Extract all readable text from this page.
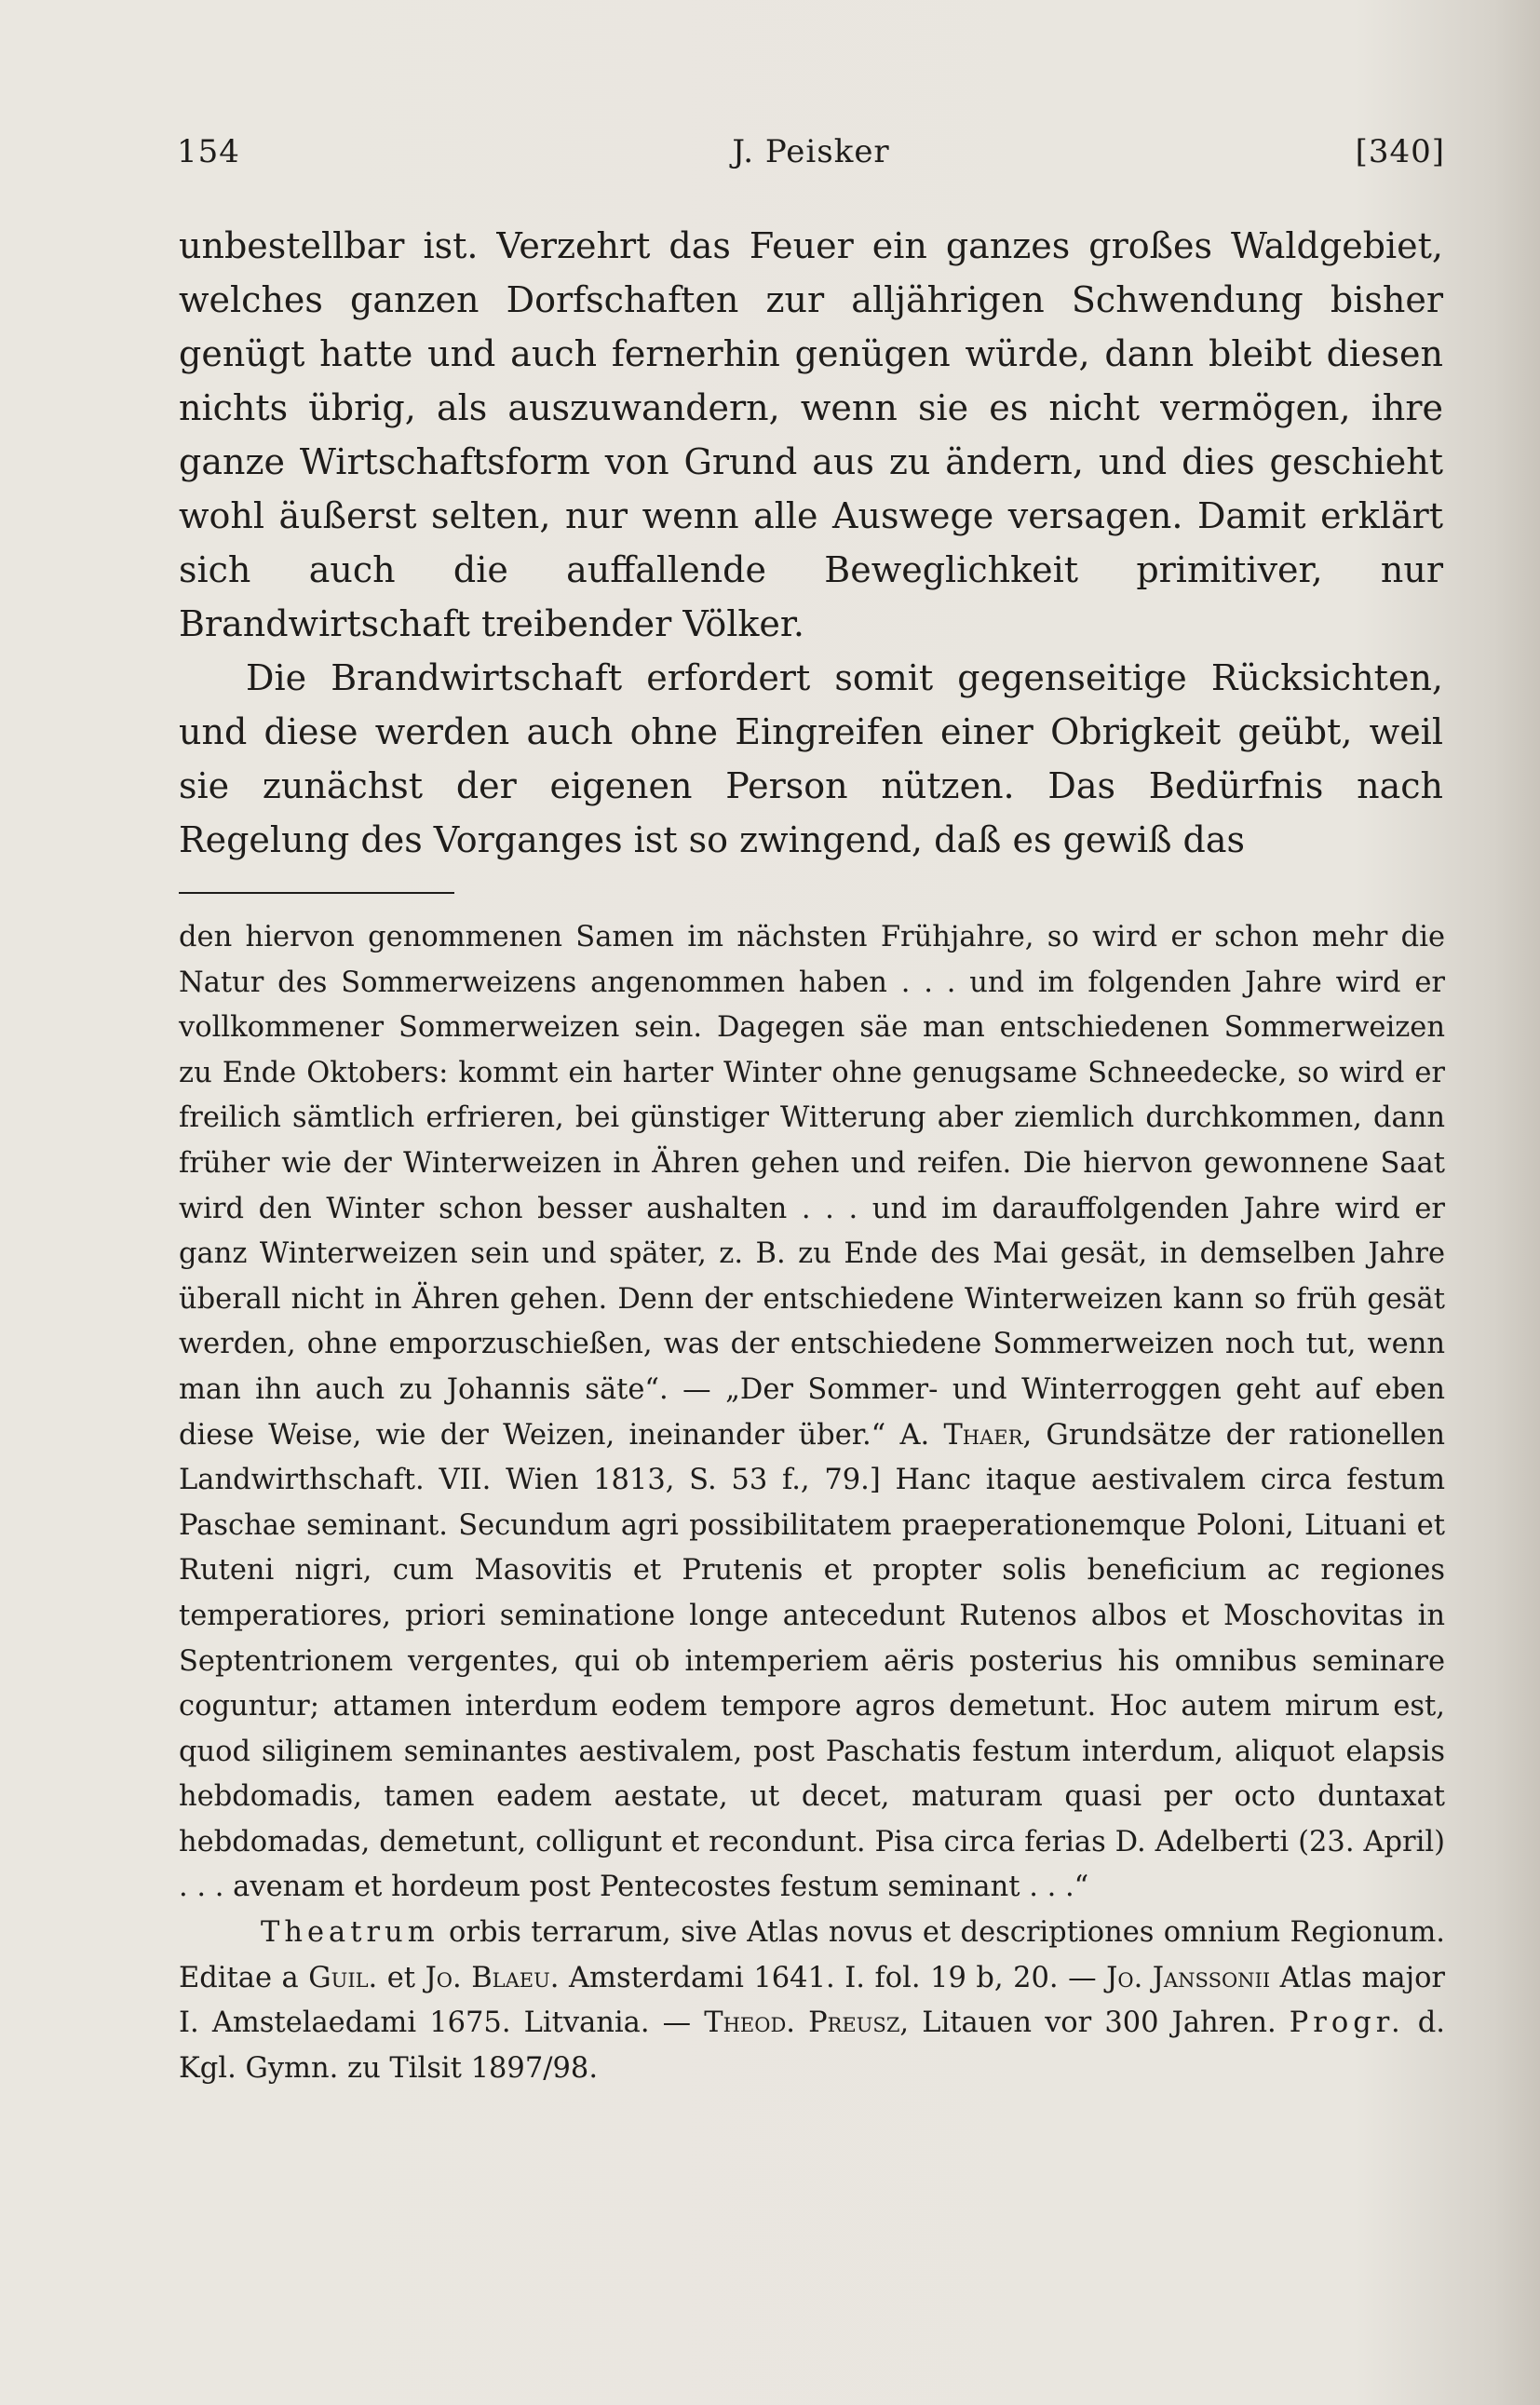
154	J. Peisker	[340]

unbestellbar ist. Verzehrt das Feuer ein ganzes großes Waldgebiet, welches ganzen Dorfschaften zur alljährigen Schwendung bisher genügt hatte und auch fernerhin genügen würde, dann bleibt diesen nichts übrig, als auszuwandern, wenn sie es nicht vermögen, ihre ganze Wirtschaftsform von Grund aus zu ändern, und dies geschieht wohl äußerst selten, nur wenn alle Auswege versagen. Damit erklärt sich auch die auffallende Beweglichkeit primitiver, nur Brandwirtschaft treibender Völker.

Die Brandwirtschaft erfordert somit gegenseitige Rücksichten, und diese werden auch ohne Eingreifen einer Obrigkeit geübt, weil sie zunächst der eigenen Person nützen. Das Bedürfnis nach Regelung des Vorganges ist so zwingend, daß es gewiß das

den hiervon genommenen Samen im nächsten Frühjahre, so wird er schon mehr die Natur des Sommerweizens angenommen haben . . . und im folgenden Jahre wird er vollkommener Sommerweizen sein. Dagegen säe man entschiedenen Sommerweizen zu Ende Oktobers: kommt ein harter Winter ohne genugsame Schneedecke, so wird er freilich sämtlich erfrieren, bei günstiger Witterung aber ziemlich durchkommen, dann früher wie der Winterweizen in Ähren gehen und reifen. Die hiervon gewonnene Saat wird den Winter schon besser aushalten . . . und im darauffolgenden Jahre wird er ganz Winterweizen sein und später, z. B. zu Ende des Mai gesät, in demselben Jahre überall nicht in Ähren gehen. Denn der entschiedene Winterweizen kann so früh gesät werden, ohne emporzuschießen, was der entschiedene Sommerweizen noch tut, wenn man ihn auch zu Johannis säte“. — „Der Sommer- und Winterroggen geht auf eben diese Weise, wie der Weizen, ineinander über.“ A. Thaer, Grundsätze der rationellen Landwirthschaft. VII. Wien 1813, S. 53 f., 79.] Hanc itaque aestivalem circa festum Paschae seminant. Secundum agri possibilitatem praeperationemque Poloni, Lituani et Ruteni nigri, cum Masovitis et Prutenis et propter solis beneficium ac regiones temperatiores, priori seminatione longe antecedunt Rutenos albos et Moschovitas in Septentrionem vergentes, qui ob intemperiem aëris posterius his omnibus seminare coguntur; attamen interdum eodem tempore agros demetunt. Hoc autem mirum est, quod siliginem seminantes aestivalem, post Paschatis festum interdum, aliquot elapsis hebdomadis, tamen eadem aestate, ut decet, maturam quasi per octo duntaxat hebdomadas, demetunt, colligunt et recondunt. Pisa circa ferias D. Adelberti (23. April) . . . avenam et hordeum post Pentecostes festum seminant . . .“

Theatrum orbis terrarum, sive Atlas novus et descriptiones omnium Regionum. Editae a Guil. et Jo. Blaeu. Amsterdami 1641. I. fol. 19 b, 20. — Jo. Janssonii Atlas major I. Amstelaedami 1675. Litvania. — Theod. Preusz, Litauen vor 300 Jahren. Progr. d. Kgl. Gymn. zu Tilsit 1897/98.
